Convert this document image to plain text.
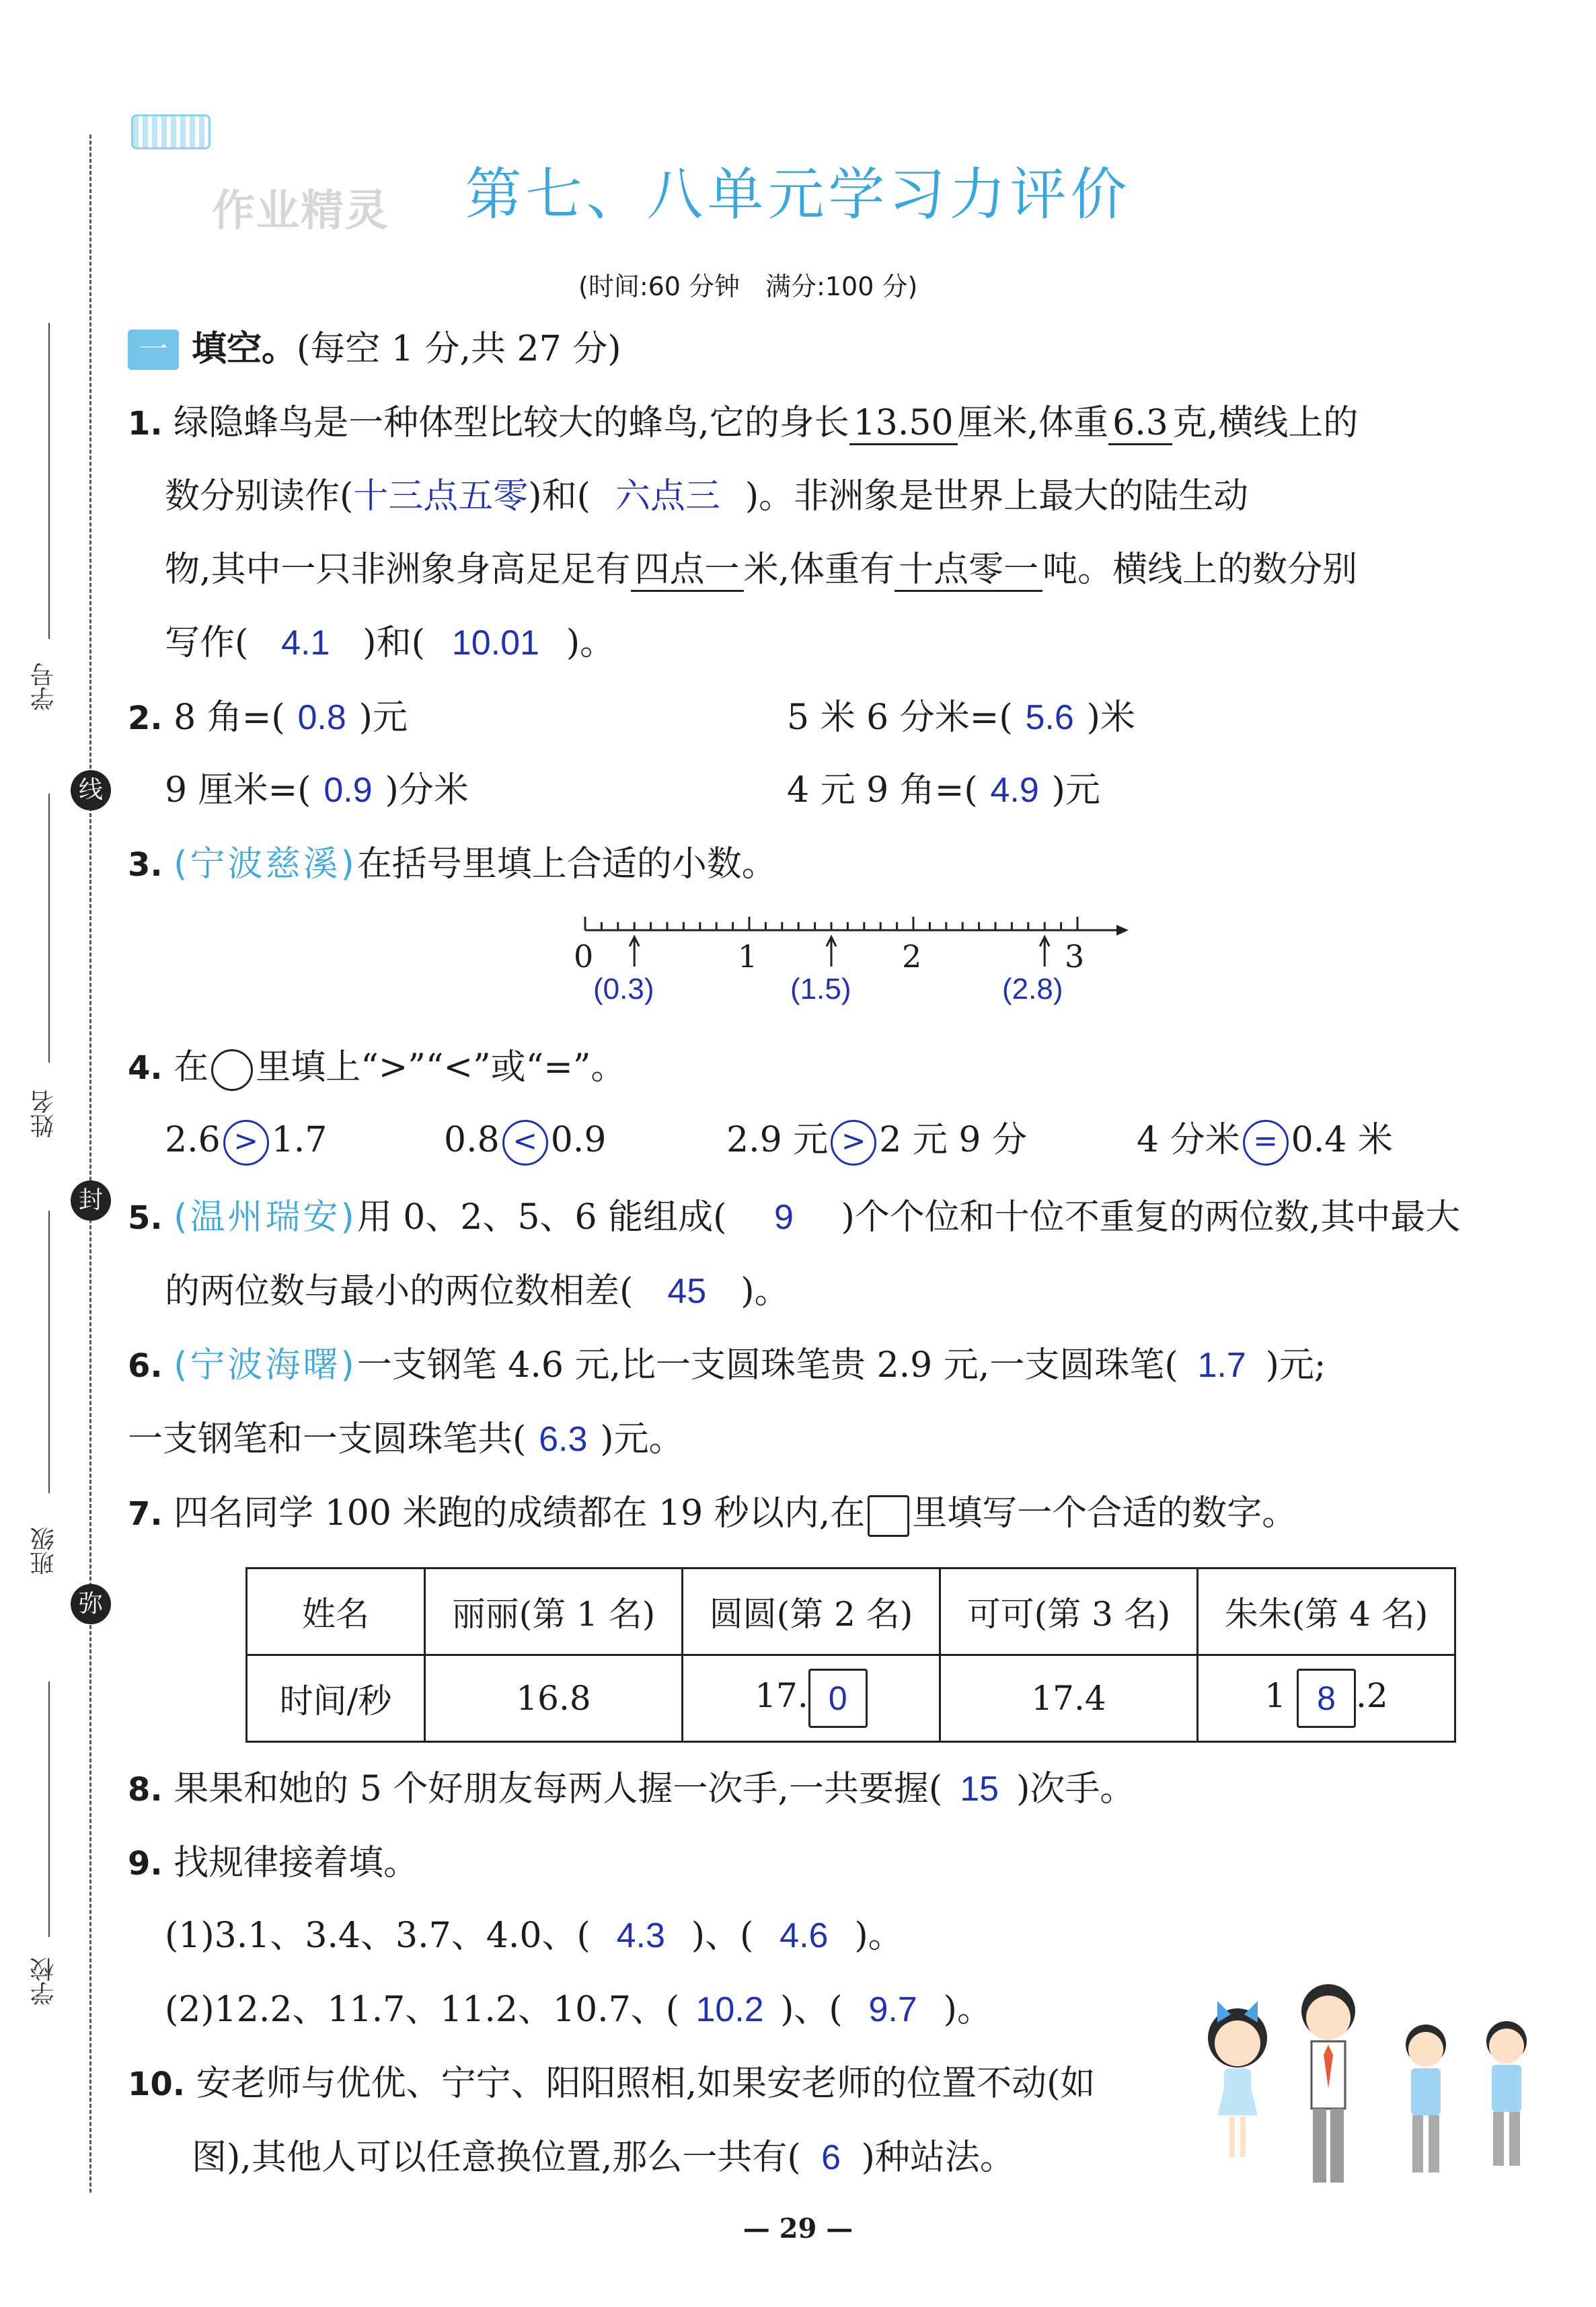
学号
姓名
班级
学校
线
封
弥
作业精灵	第七、八单元学习力评价
(时间:60 分钟　满分:100 分)
一 填空。(每空 1 分,共 27 分)
1. 绿隐蜂鸟是一种体型比较大的蜂鸟,它的身长 13.50 厘米,体重 6.3 克,横线上的
数分别读作(十三点五零)和( 六点三 )。非洲象是世界上最大的陆生动
物,其中一只非洲象身高足足有 四点一 米,体重有 十点零一 吨。横线上的数分别
写作( 4.1 )和( 10.01 )。
2. 8 角=( 0.8 )元	5 米 6 分米=( 5.6 )米
9 厘米=( 0.9 )分米	4 元 9 角=( 4.9 )元
3. (宁波慈溪)在括号里填上合适的小数。
0	1	2	3
(0.3)	(1.5)	(2.8)
4. 在 里填上“>”“<”或“=”。
2.6 > 1.7	0.8 < 0.9	2.9 元 > 2 元 9 分	4 分米 = 0.4 米
5. (温州瑞安)用 0、2、5、6 能组成( 9 )个个位和十位不重复的两位数,其中最大
的两位数与最小的两位数相差( 45 )。
6. (宁波海曙)一支钢笔 4.6 元,比一支圆珠笔贵 2.9 元,一支圆珠笔( 1.7 )元;
一支钢笔和一支圆珠笔共( 6.3 )元。
7. 四名同学 100 米跑的成绩都在 19 秒以内,在 里填写一个合适的数字。
姓名	丽丽(第 1 名)	圆圆(第 2 名)	可可(第 3 名)	朱朱(第 4 名)
时间/秒	16.8	17. 0	17.4	1 8 .2
8. 果果和她的 5 个好朋友每两人握一次手,一共要握( 15 )次手。
9. 找规律接着填。
(1)3.1、3.4、3.7、4.0、( 4.3 )、( 4.6 )。
(2)12.2、11.7、11.2、10.7、( 10.2 )、( 9.7 )。
10. 安老师与优优、宁宁、阳阳照相,如果安老师的位置不动(如
图),其他人可以任意换位置,那么一共有( 6 )种站法。
— 29 —
